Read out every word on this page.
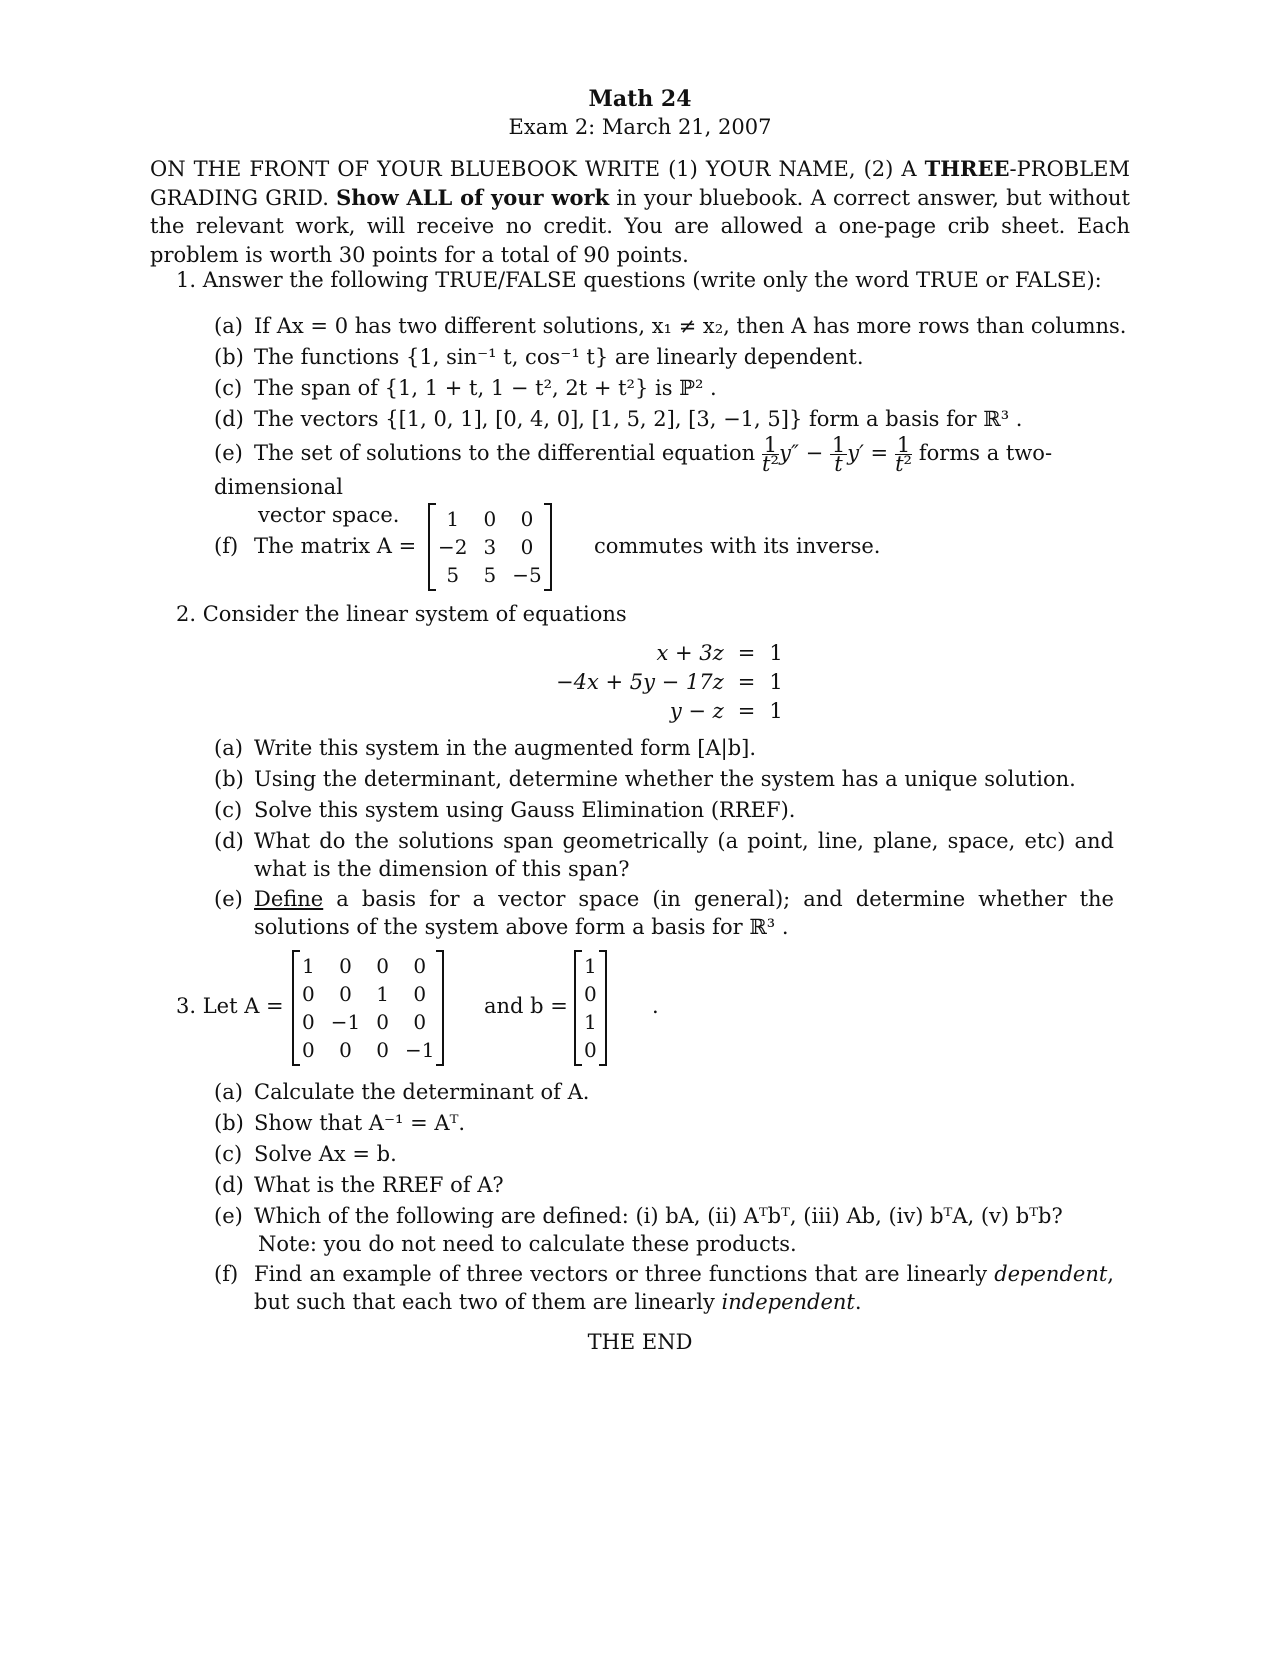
Math 24
Exam 2: March 21, 2007
ON THE FRONT OF YOUR BLUEBOOK WRITE (1) YOUR NAME, (2) A THREE-PROBLEM GRADING GRID. Show ALL of your work in your bluebook. A correct answer, but without the relevant work, will receive no credit. You are allowed a one-page crib sheet. Each problem is worth 30 points for a total of 90 points.
1. Answer the following TRUE/FALSE questions (write only the word TRUE or FALSE):
(a) If Ax = 0 has two different solutions, x₁ ≠ x₂, then A has more rows than columns.
(b) The functions {1, sin⁻¹ t, cos⁻¹ t} are linearly dependent.
(c) The span of {1, 1 + t, 1 − t², 2t + t²} is ℙ² .
(d) The vectors {[1, 0, 1], [0, 4, 0], [1, 5, 2], [3, −1, 5]} form a basis for ℝ³ .
(e) The set of solutions to the differential equation $\frac{1}{\text{t²}} y'' - \frac{1}{t} y' = \frac{1}{\text{t²}}$ forms a two-dimensional
vector space.
(f) The matrix A =
1	0	0
−2	3	0
5	5	−5
commutes with its inverse.
2. Consider the linear system of equations
x + 3z	=	1
−4x + 5y − 17z	=	1
y − z	=	1
(a) Write this system in the augmented form [A|b].
(b) Using the determinant, determine whether the system has a unique solution.
(c) Solve this system using Gauss Elimination (RREF).
(d) What do the solutions span geometrically (a point, line, plane, space, etc) and what is the dimension of this span?
(e) Define a basis for a vector space (in general); and determine whether the solutions of the system above form a basis for ℝ³ .
3. Let A =
1	0	0	0
0	0	1	0
0	−1	0	0
0	0	0	−1
and b =
1
0
1
0
.
(a) Calculate the determinant of A.
(b) Show that A⁻¹ = Aᵀ.
(c) Solve Ax = b.
(d) What is the RREF of A?
(e) Which of the following are defined: (i) bA, (ii) Aᵀbᵀ, (iii) Ab, (iv) bᵀA, (v) bᵀb?
Note: you do not need to calculate these products.
(f) Find an example of three vectors or three functions that are linearly dependent, but such that each two of them are linearly independent.
THE END
